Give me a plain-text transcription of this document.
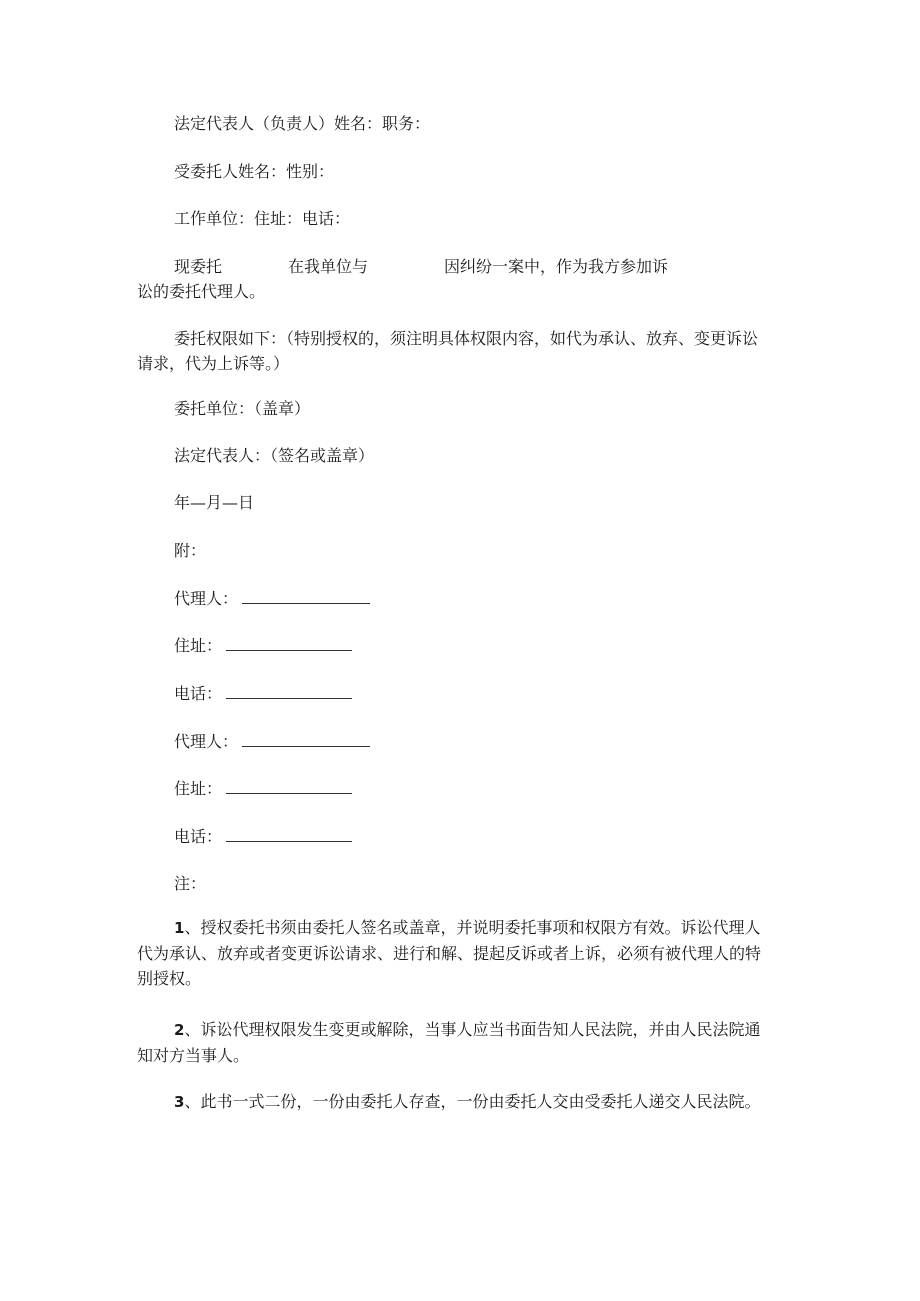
法定代表人（负责人）姓名：职务：
受委托人姓名：性别：
工作单位：住址：电话：
现委托	在我单位与	因纠纷一案中，作为我方参加诉
讼的委托代理人。
委托权限如下：（特别授权的，须注明具体权限内容，如代为承认、放弃、变更诉讼请求，代为上诉等。）
委托单位：（盖章）
法定代表人：（签名或盖章）
年—月—日
附：
代理人：
住址：
电话：
代理人：
住址：
电话：
注：
1、授权委托书须由委托人签名或盖章，并说明委托事项和权限方有效。诉讼代理人代为承认、放弃或者变更诉讼请求、进行和解、提起反诉或者上诉，必须有被代理人的特别授权。
2、诉讼代理权限发生变更或解除，当事人应当书面告知人民法院，并由人民法院通知对方当事人。
3、此书一式二份，一份由委托人存查，一份由委托人交由受委托人递交人民法院。
